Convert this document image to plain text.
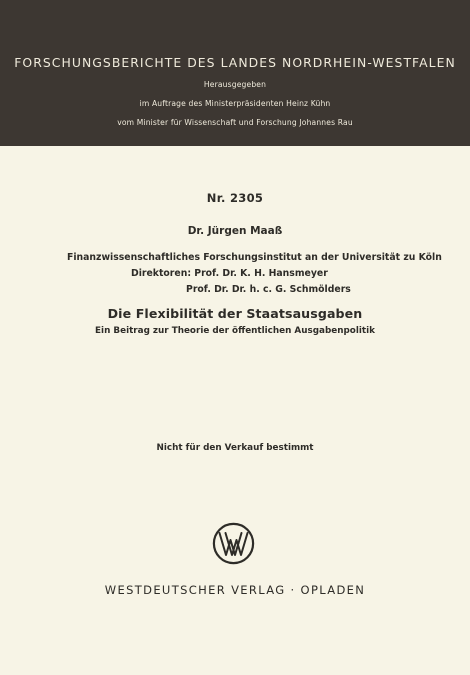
FORSCHUNGSBERICHTE DES LANDES NORDRHEIN-WESTFALEN
Herausgegeben
im Auftrage des Ministerpräsidenten Heinz Kühn
vom Minister für Wissenschaft und Forschung Johannes Rau
Nr. 2305
Dr. Jürgen Maaß
Finanzwissenschaftliches Forschungsinstitut an der Universität zu Köln
Direktoren: Prof. Dr. K. H. Hansmeyer
Prof. Dr. Dr. h. c. G. Schmölders
Die Flexibilität der Staatsausgaben
Ein Beitrag zur Theorie der öffentlichen Ausgabenpolitik
Nicht für den Verkauf bestimmt
WESTDEUTSCHER VERLAG · OPLADEN
